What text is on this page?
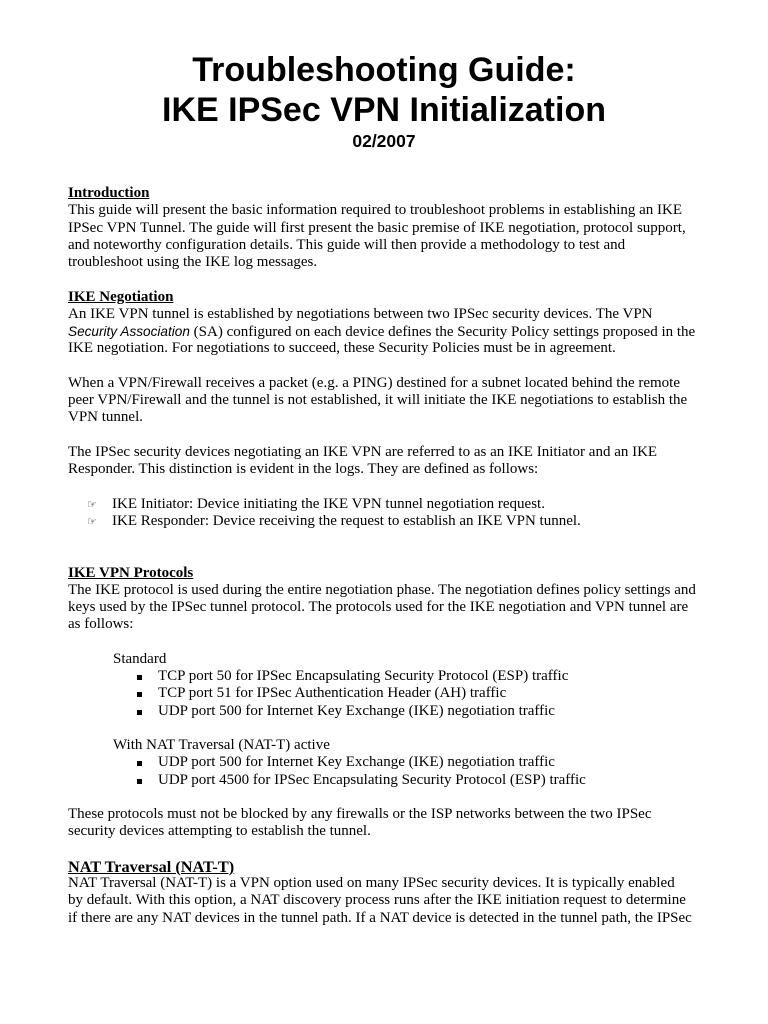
Troubleshooting Guide:
IKE IPSec VPN Initialization
02/2007
Introduction
This guide will present the basic information required to troubleshoot problems in establishing an IKE
IPSec VPN Tunnel. The guide will first present the basic premise of IKE negotiation, protocol support,
and noteworthy configuration details. This guide will then provide a methodology to test and
troubleshoot using the IKE log messages.
IKE Negotiation
An IKE VPN tunnel is established by negotiations between two IPSec security devices. The VPN
Security Association (SA) configured on each device defines the Security Policy settings proposed in the
IKE negotiation. For negotiations to succeed, these Security Policies must be in agreement.
When a VPN/Firewall receives a packet (e.g. a PING) destined for a subnet located behind the remote
peer VPN/Firewall and the tunnel is not established, it will initiate the IKE negotiations to establish the
VPN tunnel.
The IPSec security devices negotiating an IKE VPN are referred to as an IKE Initiator and an IKE
Responder. This distinction is evident in the logs. They are defined as follows:
☞
IKE Initiator: Device initiating the IKE VPN tunnel negotiation request.
☞
IKE Responder: Device receiving the request to establish an IKE VPN tunnel.
IKE VPN Protocols
The IKE protocol is used during the entire negotiation phase. The negotiation defines policy settings and
keys used by the IPSec tunnel protocol. The protocols used for the IKE negotiation and VPN tunnel are
as follows:
Standard
TCP port 50 for IPSec Encapsulating Security Protocol (ESP) traffic
TCP port 51 for IPSec Authentication Header (AH) traffic
UDP port 500 for Internet Key Exchange (IKE) negotiation traffic
With NAT Traversal (NAT-T) active
UDP port 500 for Internet Key Exchange (IKE) negotiation traffic
UDP port 4500 for IPSec Encapsulating Security Protocol (ESP) traffic
These protocols must not be blocked by any firewalls or the ISP networks between the two IPSec
security devices attempting to establish the tunnel.
NAT Traversal (NAT-T)
NAT Traversal (NAT-T) is a VPN option used on many IPSec security devices. It is typically enabled
by default. With this option, a NAT discovery process runs after the IKE initiation request to determine
if there are any NAT devices in the tunnel path. If a NAT device is detected in the tunnel path, the IPSec
